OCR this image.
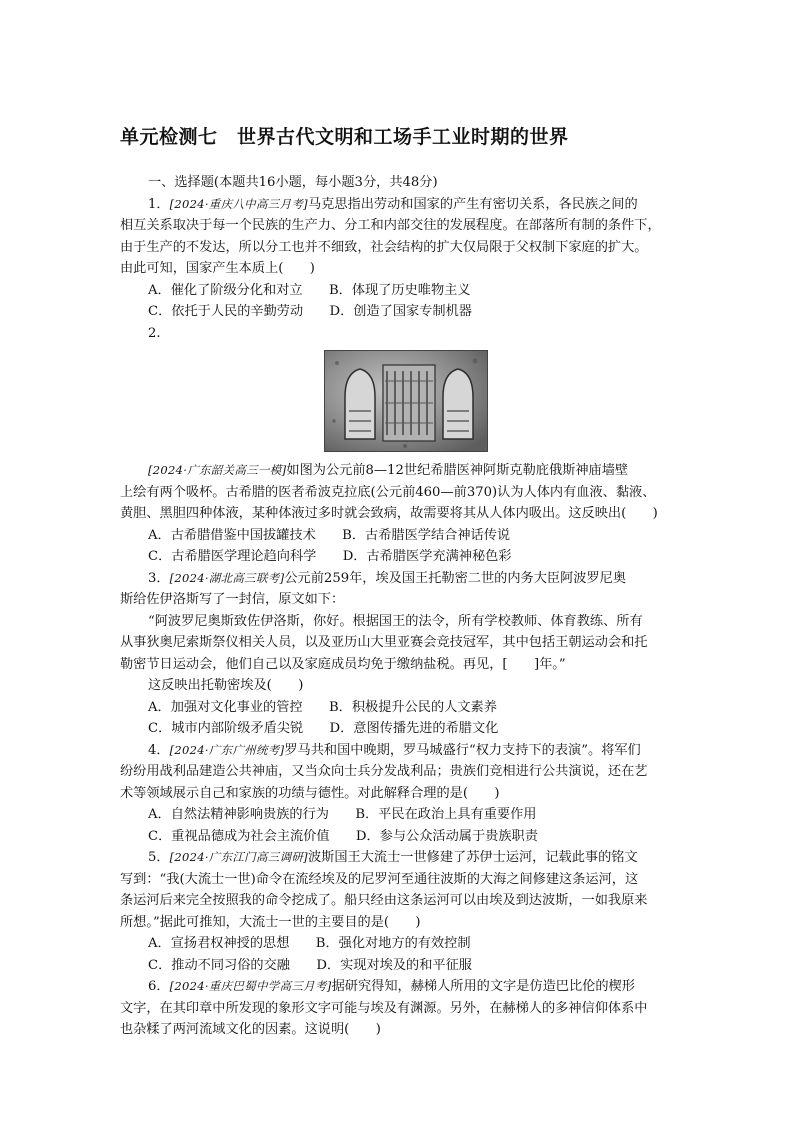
单元检测七　世界古代文明和工场手工业时期的世界
一、选择题(本题共16小题，每小题3分，共48分)
1．[2024·重庆八中高三月考]马克思指出劳动和国家的产生有密切关系，各民族之间的
相互关系取决于每一个民族的生产力、分工和内部交往的发展程度。在部落所有制的条件下，
由于生产的不发达，所以分工也并不细致，社会结构的扩大仅局限于父权制下家庭的扩大。
由此可知，国家产生本质上(　　)
A．催化了阶级分化和对立　　B．体现了历史唯物主义
C．依托于人民的辛勤劳动　　D．创造了国家专制机器
2.
[2024·广东韶关高三一模]如图为公元前8—12世纪希腊医神阿斯克勒庇俄斯神庙墙壁
上绘有两个吸杯。古希腊的医者希波克拉底(公元前460—前370)认为人体内有血液、黏液、
黄胆、黑胆四种体液，某种体液过多时就会致病，故需要将其从人体内吸出。这反映出(　　)
A．古希腊借鉴中国拔罐技术　　B．古希腊医学结合神话传说
C．古希腊医学理论趋向科学　　D．古希腊医学充满神秘色彩
3．[2024·湖北高三联考]公元前259年，埃及国王托勒密二世的内务大臣阿波罗尼奥
斯给佐伊洛斯写了一封信，原文如下：
“阿波罗尼奥斯致佐伊洛斯，你好。根据国王的法令，所有学校教师、体育教练、所有
从事狄奥尼索斯祭仪相关人员，以及亚历山大里亚赛会竞技冠军，其中包括王朝运动会和托
勒密节日运动会，他们自己以及家庭成员均免于缴纳盐税。再见，[　　]年。”
这反映出托勒密埃及(　　)
A．加强对文化事业的管控　　B．积极提升公民的人文素养
C．城市内部阶级矛盾尖锐　　D．意图传播先进的希腊文化
4．[2024·广东广州统考]罗马共和国中晚期，罗马城盛行“权力支持下的表演”。将军们
纷纷用战利品建造公共神庙，又当众向士兵分发战利品；贵族们竞相进行公共演说，还在艺
术等领域展示自己和家族的功绩与德性。对此解释合理的是(　　)
A．自然法精神影响贵族的行为　　B．平民在政治上具有重要作用
C．重视品德成为社会主流价值　　D．参与公众活动属于贵族职责
5．[2024·广东江门高三调研]波斯国王大流士一世修建了苏伊士运河，记载此事的铭文
写到：“我(大流士一世)命令在流经埃及的尼罗河至通往波斯的大海之间修建这条运河，这
条运河后来完全按照我的命令挖成了。船只经由这条运河可以由埃及到达波斯，一如我原来
所想。”据此可推知，大流士一世的主要目的是(　　)
A．宣扬君权神授的思想　　B．强化对地方的有效控制
C．推动不同习俗的交融　　D．实现对埃及的和平征服
6．[2024·重庆巴蜀中学高三月考]据研究得知，赫梯人所用的文字是仿造巴比伦的楔形
文字，在其印章中所发现的象形文字可能与埃及有渊源。另外，在赫梯人的多神信仰体系中
也杂糅了两河流域文化的因素。这说明(　　)
